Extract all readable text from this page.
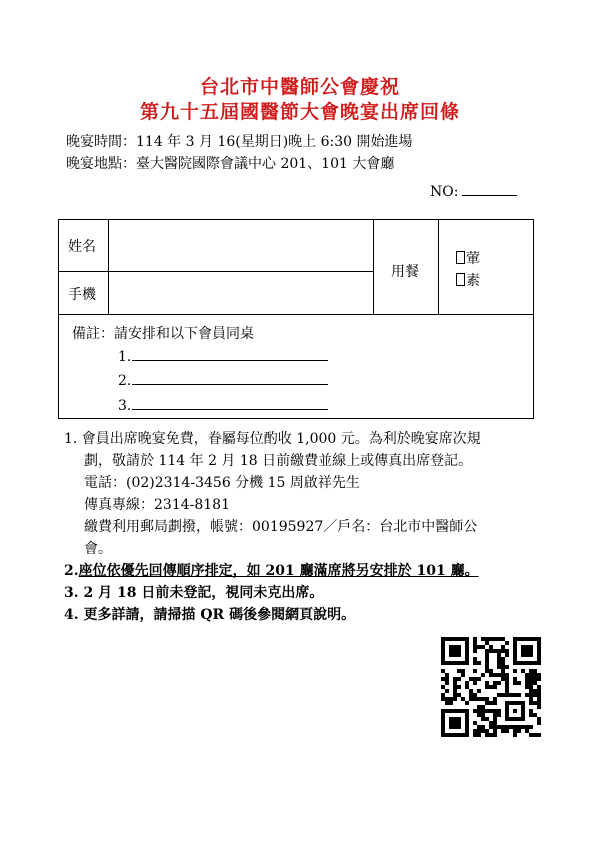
台北市中醫師公會慶祝
第九十五屆國醫節大會晚宴出席回條
晚宴時間：114 年 3 月 16(星期日)晚上 6:30 開始進場
晚宴地點：臺大醫院國際會議中心 201、101 大會廳
NO:
姓名
手機
用餐
葷
素
備註：請安排和以下會員同桌
1.
2.
3.
1. 會員出席晚宴免費，眷屬每位酌收 1,000 元。為利於晚宴席次規
劃，敬請於 114 年 2 月 18 日前繳費並線上或傳真出席登記。
電話：(02)2314-3456 分機 15 周啟祥先生
傳真專線：2314-8181
繳費利用郵局劃撥，帳號：00195927／戶名：台北市中醫師公
會。
2.座位依優先回傳順序排定，如 201 廳滿席將另安排於 101 廳。
3. 2 月 18 日前未登記，視同未克出席。
4. 更多詳請，請掃描 QR 碼後參閱網頁說明。
